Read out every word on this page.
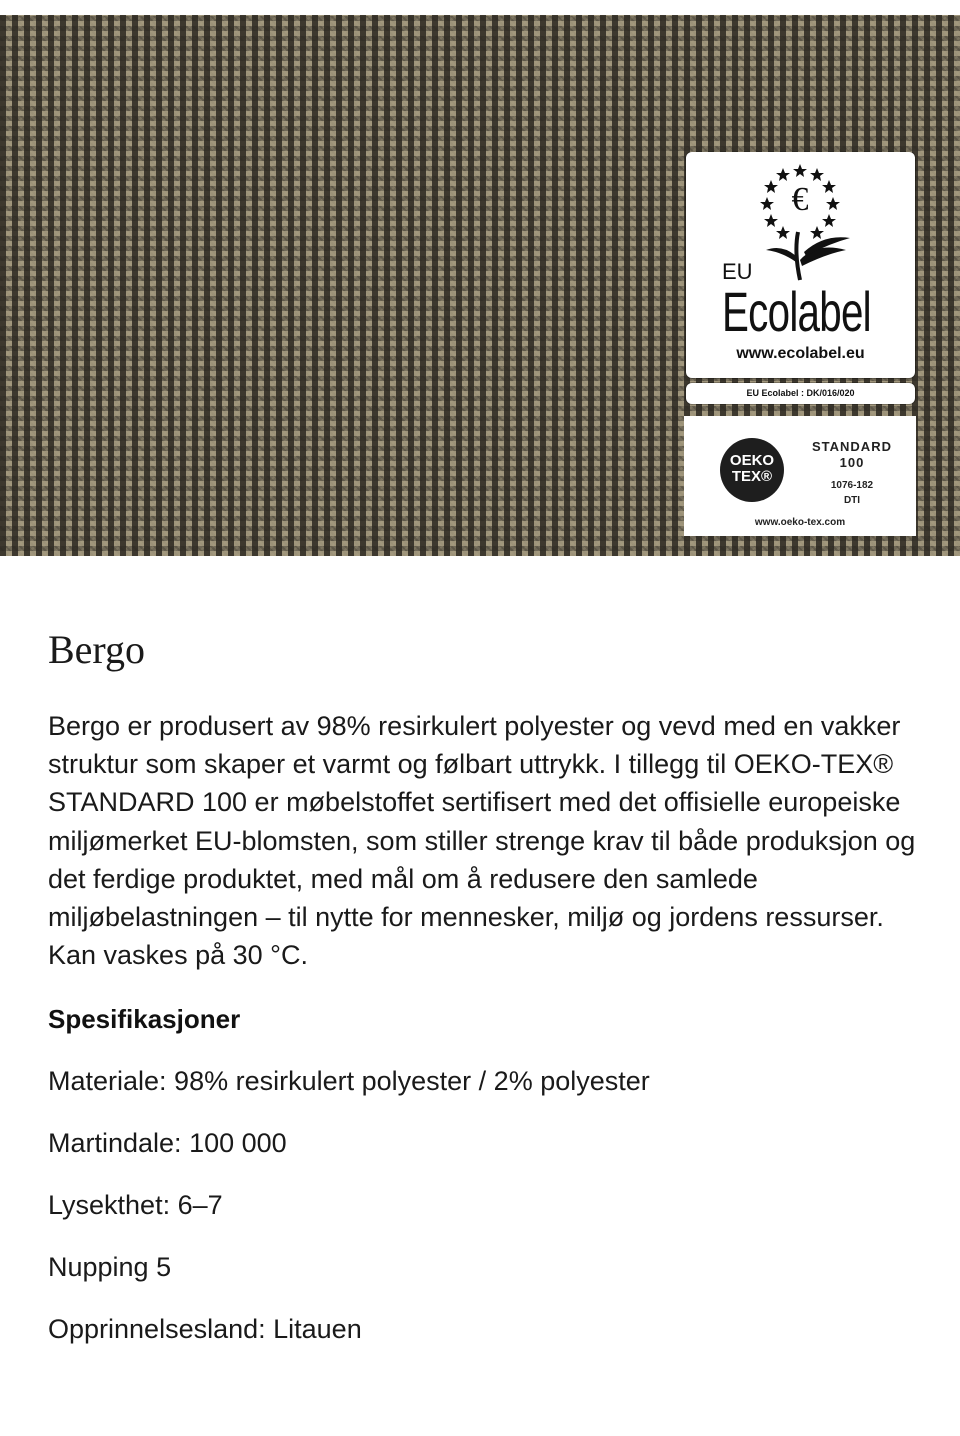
€
EU
Ecolabel
www.ecolabel.eu
EU Ecolabel : DK/016/020
OEKO
TEX®
STANDARD
100
1076-182
DTI
www.oeko-tex.com
Bergo

Bergo er produsert av 98% resirkulert polyester og vevd med en vakker struktur som skaper et varmt og følbart uttrykk. I tillegg til OEKO-TEX® STANDARD 100 er møbelstoffet sertifisert med det offisielle europeiske miljømerket EU-blomsten, som stiller strenge krav til både produksjon og det ferdige produktet, med mål om å redusere den samlede miljøbelastningen – til nytte for mennesker, miljø og jordens ressurser. Kan vaskes på 30 °C.

Spesifikasjoner
Materiale: 98% resirkulert polyester / 2% polyester
Martindale: 100 000
Lysekthet: 6–7
Nupping 5
Opprinnelsesland: Litauen
